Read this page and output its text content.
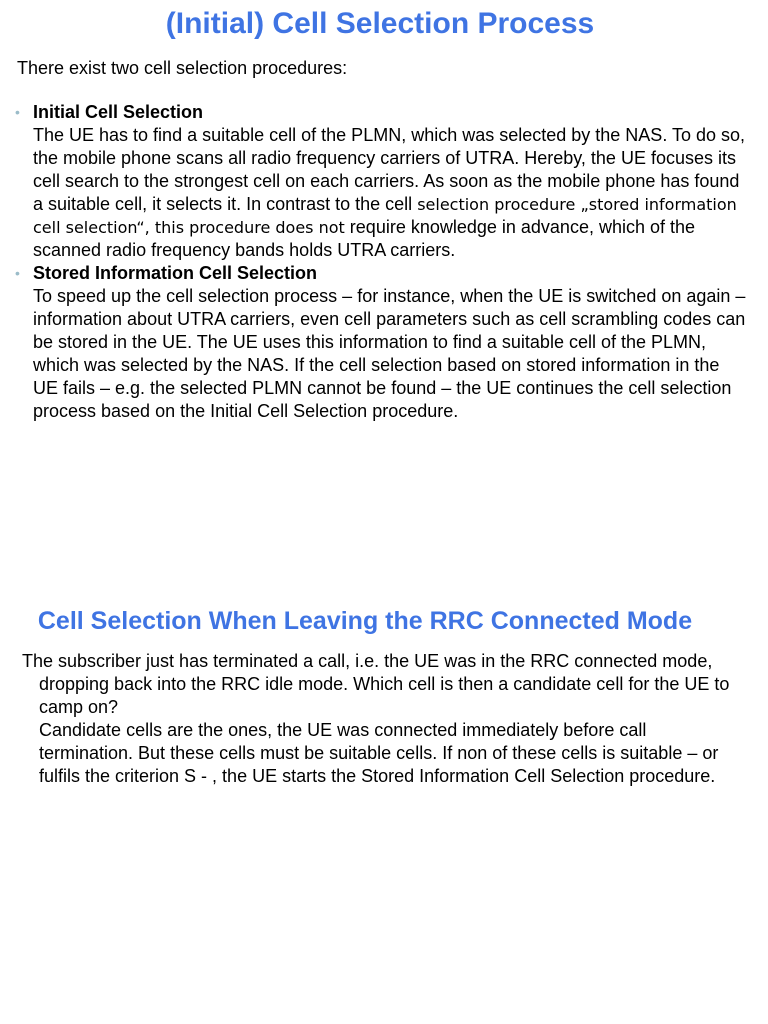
(Initial) Cell Selection Process

There exist two cell selection procedures:

• Initial Cell Selection
The UE has to find a suitable cell of the PLMN, which was selected by the NAS. To do so, the mobile phone scans all radio frequency carriers of UTRA. Hereby, the UE focuses its cell search to the strongest cell on each carriers. As soon as the mobile phone has found a suitable cell, it selects it. In contrast to the cell selection procedure „stored information cell selection“, this procedure does not require knowledge in advance, which of the scanned radio frequency bands holds UTRA carriers.
• Stored Information Cell Selection
To speed up the cell selection process – for instance, when the UE is switched on again – information about UTRA carriers, even cell parameters such as cell scrambling codes can be stored in the UE. The UE uses this information to find a suitable cell of the PLMN, which was selected by the NAS. If the cell selection based on stored information in the UE fails – e.g. the selected PLMN cannot be found – the UE continues the cell selection process based on the Initial Cell Selection procedure.
Cell Selection When Leaving the RRC Connected Mode
The subscriber just has terminated a call, i.e. the UE was in the RRC connected mode, dropping back into the RRC idle mode. Which cell is then a candidate cell for the UE to camp on?
Candidate cells are the ones, the UE was connected immediately before call termination. But these cells must be suitable cells. If non of these cells is suitable – or fulfils the criterion S - , the UE starts the Stored Information Cell Selection procedure.
